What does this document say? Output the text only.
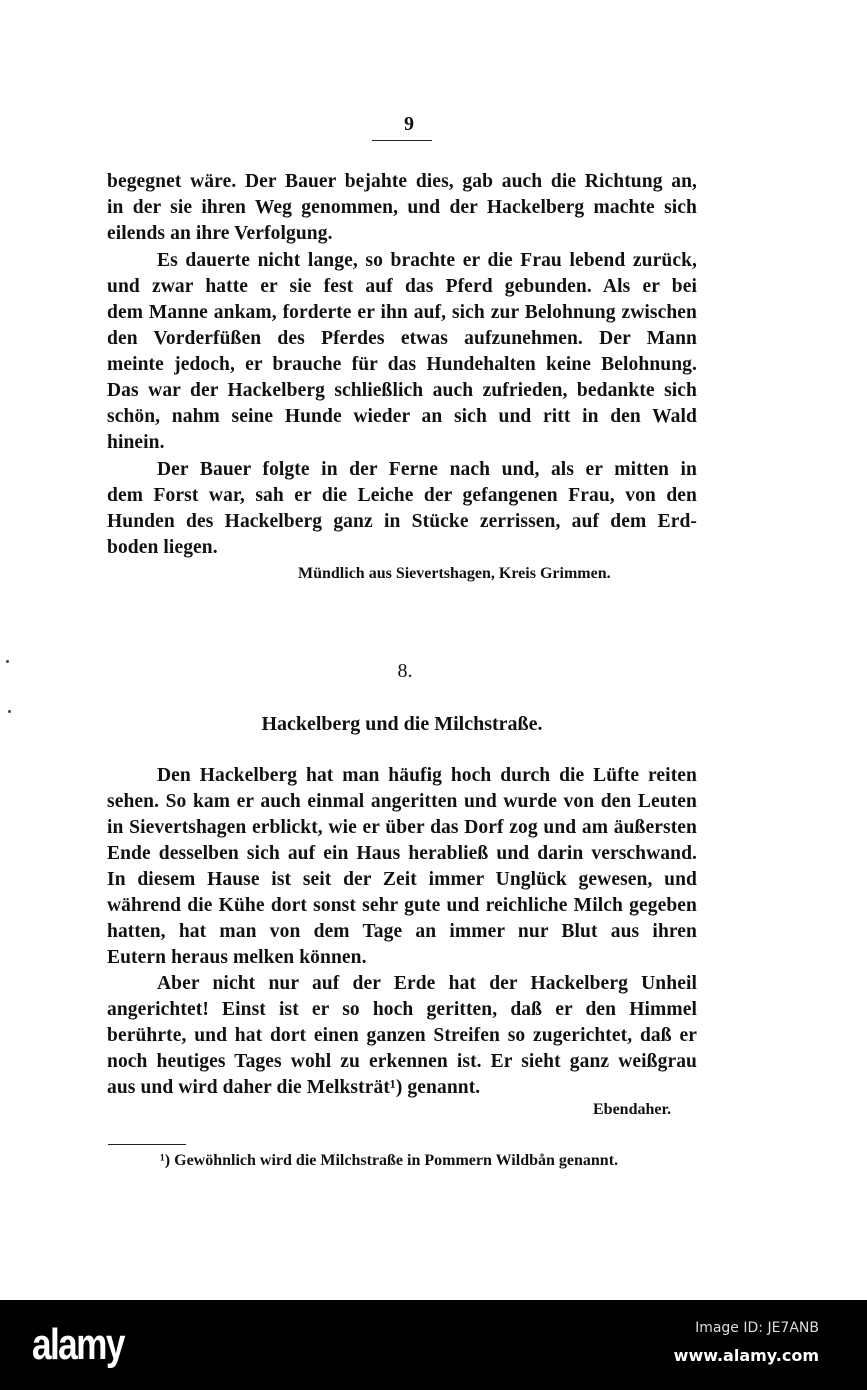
9
begegnet wäre. Der Bauer bejahte dies, gab auch die Richtung an,
in der sie ihren Weg genommen, und der Hackelberg machte sich
eilends an ihre Verfolgung.
Es dauerte nicht lange, so brachte er die Frau lebend zurück,
und zwar hatte er sie fest auf das Pferd gebunden. Als er bei
dem Manne ankam, forderte er ihn auf, sich zur Belohnung zwischen
den Vorderfüßen des Pferdes etwas aufzunehmen. Der Mann
meinte jedoch, er brauche für das Hundehalten keine Belohnung.
Das war der Hackelberg schließlich auch zufrieden, bedankte sich
schön, nahm seine Hunde wieder an sich und ritt in den Wald
hinein.
Der Bauer folgte in der Ferne nach und, als er mitten in
dem Forst war, sah er die Leiche der gefangenen Frau, von den
Hunden des Hackelberg ganz in Stücke zerrissen, auf dem Erd-
boden liegen.
Mündlich aus Sievertshagen, Kreis Grimmen.
8.
Hackelberg und die Milchstraße.
Den Hackelberg hat man häufig hoch durch die Lüfte reiten
sehen. So kam er auch einmal angeritten und wurde von den Leuten
in Sievertshagen erblickt, wie er über das Dorf zog und am äußersten
Ende desselben sich auf ein Haus herabließ und darin verschwand.
In diesem Hause ist seit der Zeit immer Unglück gewesen, und
während die Kühe dort sonst sehr gute und reichliche Milch gegeben
hatten, hat man von dem Tage an immer nur Blut aus ihren
Eutern heraus melken können.
Aber nicht nur auf der Erde hat der Hackelberg Unheil
angerichtet! Einst ist er so hoch geritten, daß er den Himmel
berührte, und hat dort einen ganzen Streifen so zugerichtet, daß er
noch heutiges Tages wohl zu erkennen ist. Er sieht ganz weißgrau
aus und wird daher die Melksträt¹) genannt.
Ebendaher.
¹) Gewöhnlich wird die Milchstraße in Pommern Wildbån genannt.
alamy	Image ID: JE7ANB
www.alamy.com
